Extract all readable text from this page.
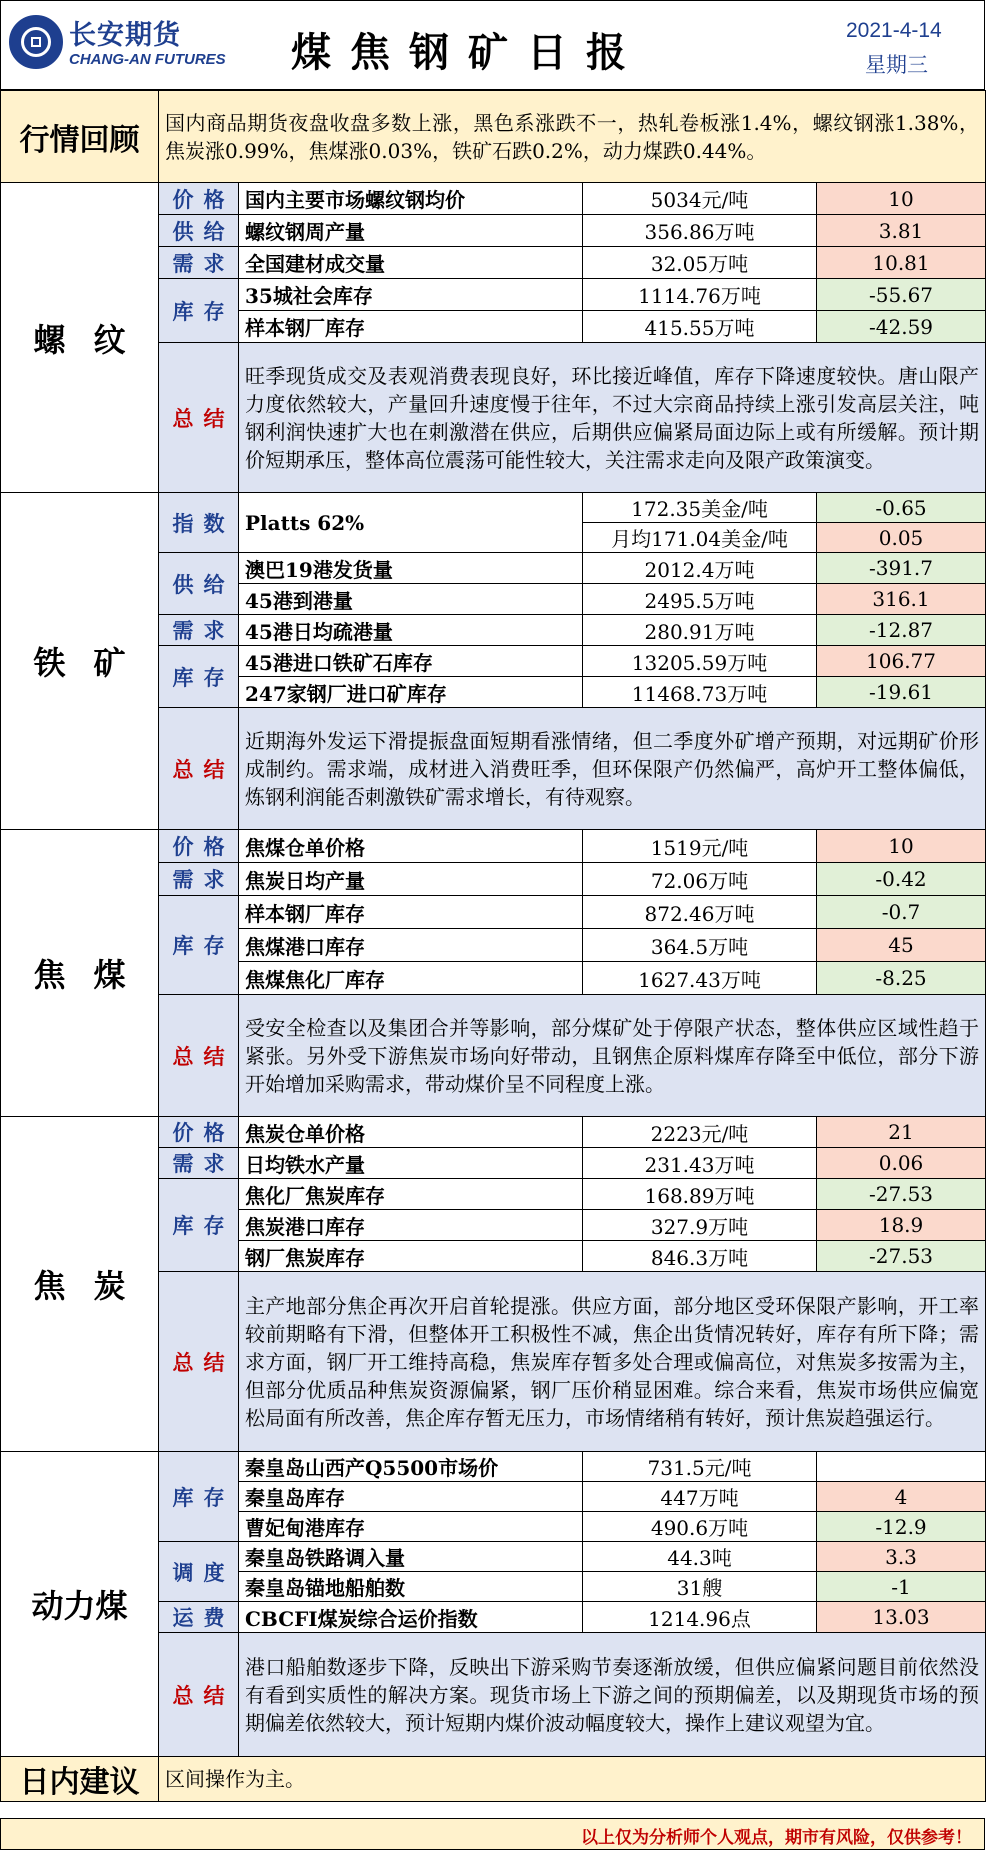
长安期货
CHANG-AN FUTURES 煤焦钢矿日报	2021-4-14
星期三
行情回顾	国内商品期货夜盘收盘多数上涨，黑色系涨跌不一，热轧卷板涨1.4%，螺纹钢涨1.38%，焦炭涨0.99%，焦煤涨0.03%，铁矿石跌0.2%，动力煤跌0.44%。			
螺纹	价格	国内主要市场螺纹钢均价	5034元/吨	10
	供给	螺纹钢周产量	356.86万吨	3.81
	需求	全国建材成交量	32.05万吨	10.81
	库存	35城社会库存	1114.76万吨	-55.67
		样本钢厂库存	415.55万吨	-42.59
	总结	旺季现货成交及表观消费表现良好，环比接近峰值，库存下降速度较快。唐山限产力度依然较大，产量回升速度慢于往年，不过大宗商品持续上涨引发高层关注，吨钢利润快速扩大也在刺激潜在供应，后期供应偏紧局面边际上或有所缓解。预计期价短期承压，整体高位震荡可能性较大，关注需求走向及限产政策演变。		
铁矿	指数	Platts 62%	172.35美金/吨	-0.65
			月均171.04美金/吨	0.05
	供给	澳巴19港发货量	2012.4万吨	-391.7
		45港到港量	2495.5万吨	316.1
	需求	45港日均疏港量	280.91万吨	-12.87
	库存	45港进口铁矿石库存	13205.59万吨	106.77
		247家钢厂进口矿库存	11468.73万吨	-19.61
	总结	近期海外发运下滑提振盘面短期看涨情绪，但二季度外矿增产预期，对远期矿价形成制约。需求端，成材进入消费旺季，但环保限产仍然偏严，高炉开工整体偏低，炼钢利润能否刺激铁矿需求增长，有待观察。		
焦煤	价格	焦煤仓单价格	1519元/吨	10
	需求	焦炭日均产量	72.06万吨	-0.42
	库存	样本钢厂库存	872.46万吨	-0.7
		焦煤港口库存	364.5万吨	45
		焦煤焦化厂库存	1627.43万吨	-8.25
	总结	受安全检查以及集团合并等影响，部分煤矿处于停限产状态，整体供应区域性趋于紧张。另外受下游焦炭市场向好带动，且钢焦企原料煤库存降至中低位，部分下游开始增加采购需求，带动煤价呈不同程度上涨。		
焦炭	价格	焦炭仓单价格	2223元/吨	21
	需求	日均铁水产量	231.43万吨	0.06
	库存	焦化厂焦炭库存	168.89万吨	-27.53
		焦炭港口库存	327.9万吨	18.9
		钢厂焦炭库存	846.3万吨	-27.53
	总结	主产地部分焦企再次开启首轮提涨。供应方面，部分地区受环保限产影响，开工率较前期略有下滑，但整体开工积极性不减，焦企出货情况转好，库存有所下降；需求方面，钢厂开工维持高稳，焦炭库存暂多处合理或偏高位，对焦炭多按需为主，但部分优质品种焦炭资源偏紧，钢厂压价稍显困难。综合来看，焦炭市场供应偏宽松局面有所改善，焦企库存暂无压力，市场情绪稍有转好，预计焦炭趋强运行。		
动力煤	库存	秦皇岛山西产Q5500市场价	731.5元/吨	
		秦皇岛库存	447万吨	4
		曹妃甸港库存	490.6万吨	-12.9
	调度	秦皇岛铁路调入量	44.3吨	3.3
		秦皇岛锚地船舶数	31艘	-1
	运费	CBCFI煤炭综合运价指数	1214.96点	13.03
	总结	港口船舶数逐步下降，反映出下游采购节奏逐渐放缓，但供应偏紧问题目前依然没有看到实质性的解决方案。现货市场上下游之间的预期偏差，以及期现货市场的预期偏差依然较大，预计短期内煤价波动幅度较大，操作上建议观望为宜。		
日内建议	区间操作为主。			
以上仅为分析师个人观点，期市有风险，仅供参考！
